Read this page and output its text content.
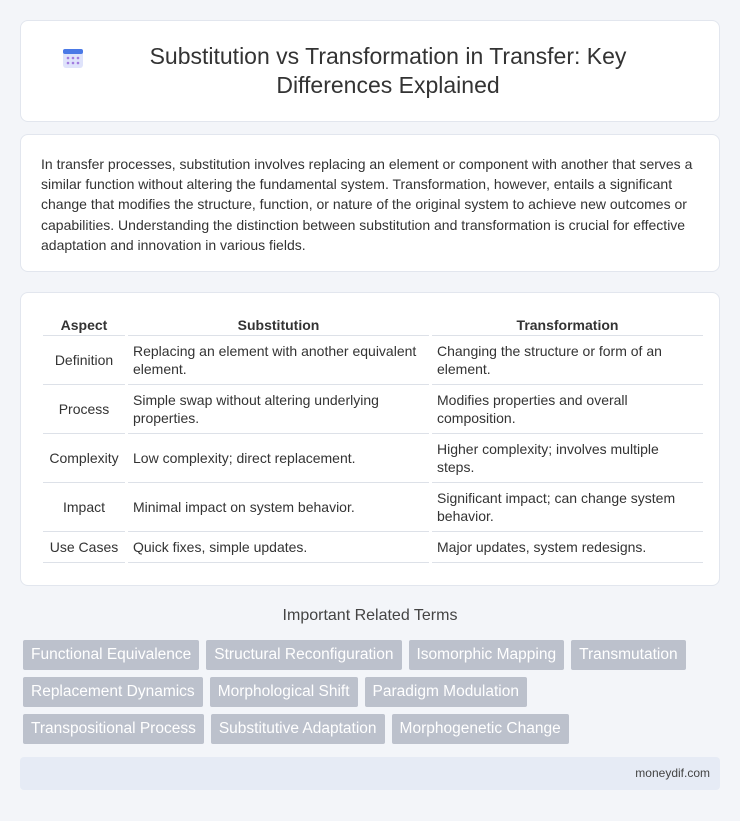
Substitution vs Transformation in Transfer: Key Differences Explained

In transfer processes, substitution involves replacing an element or component with another that serves a similar function without altering the fundamental system. Transformation, however, entails a significant change that modifies the structure, function, or nature of the original system to achieve new outcomes or capabilities. Understanding the distinction between substitution and transformation is crucial for effective adaptation and innovation in various fields.

Aspect	Substitution	Transformation
Definition	Replacing an element with another equivalent element.	Changing the structure or form of an element.
Process	Simple swap without altering underlying properties.	Modifies properties and overall composition.
Complexity	Low complexity; direct replacement.	Higher complexity; involves multiple steps.
Impact	Minimal impact on system behavior.	Significant impact; can change system behavior.
Use Cases	Quick fixes, simple updates.	Major updates, system redesigns.
Important Related Terms
Functional Equivalence	Structural Reconfiguration	Isomorphic Mapping	Transmutation
Replacement Dynamics	Morphological Shift	Paradigm Modulation
Transpositional Process	Substitutive Adaptation	Morphogenetic Change
moneydif.com
